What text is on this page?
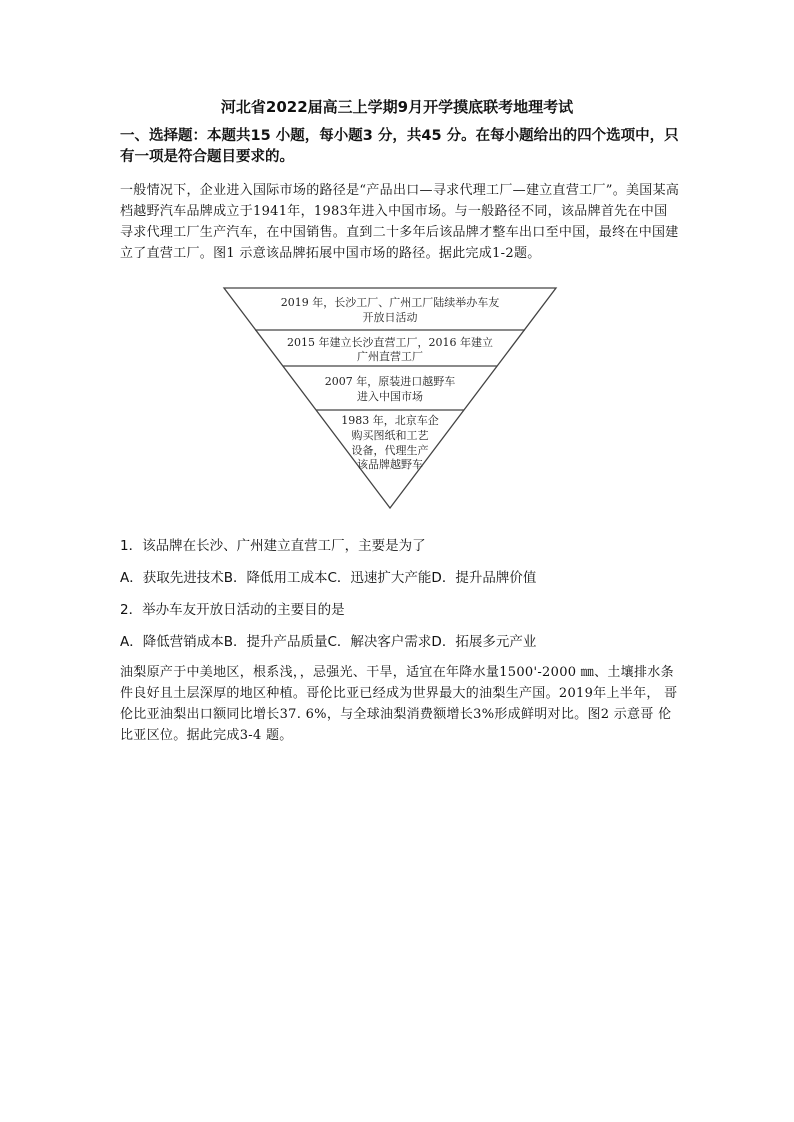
河北省2022届高三上学期9月开学摸底联考地理考试
一、选择题：本题共15 小题，每小题3 分，共45 分。在每小题给出的四个选项中，只有一项是符合题目要求的。
一般情况下，企业进入国际市场的路径是“产品出口—寻求代理工厂—建立直营工厂”。美国某高档越野汽车品牌成立于1941年，1983年进入中国市场。与一般路径不同，该品牌首先在中国寻求代理工厂生产汽车，在中国销售。直到二十多年后该品牌才整车出口至中国，最终在中国建立了直营工厂。图1 示意该品牌拓展中国市场的路径。据此完成1-2题。
2019 年，长沙工厂、广州工厂陆续举办车友
开放日活动
2015 年建立长沙直营工厂，2016 年建立
广州直营工厂
2007 年，原装进口越野车
进入中国市场
1983 年，北京车企
购买图纸和工艺
设备，代理生产
该品牌越野车
1．该品牌在长沙、广州建立直营工厂，主要是为了
A．获取先进技术B．降低用工成本C．迅速扩大产能D．提升品牌价值
2．举办车友开放日活动的主要目的是
A．降低营销成本B．提升产品质量C．解决客户需求D．拓展多元产业
油梨原产于中美地区，根系浅，，忌强光、干旱，适宜在年降水量1500'-2000 ㎜、土壤排水条件良好且土层深厚的地区种植。哥伦比亚已经成为世界最大的油梨生产国。2019年上半年， 哥伦比亚油梨出口额同比增长37. 6%，与全球油梨消费额增长3%形成鲜明对比。图2 示意哥 伦比亚区位。据此完成3-4 题。
